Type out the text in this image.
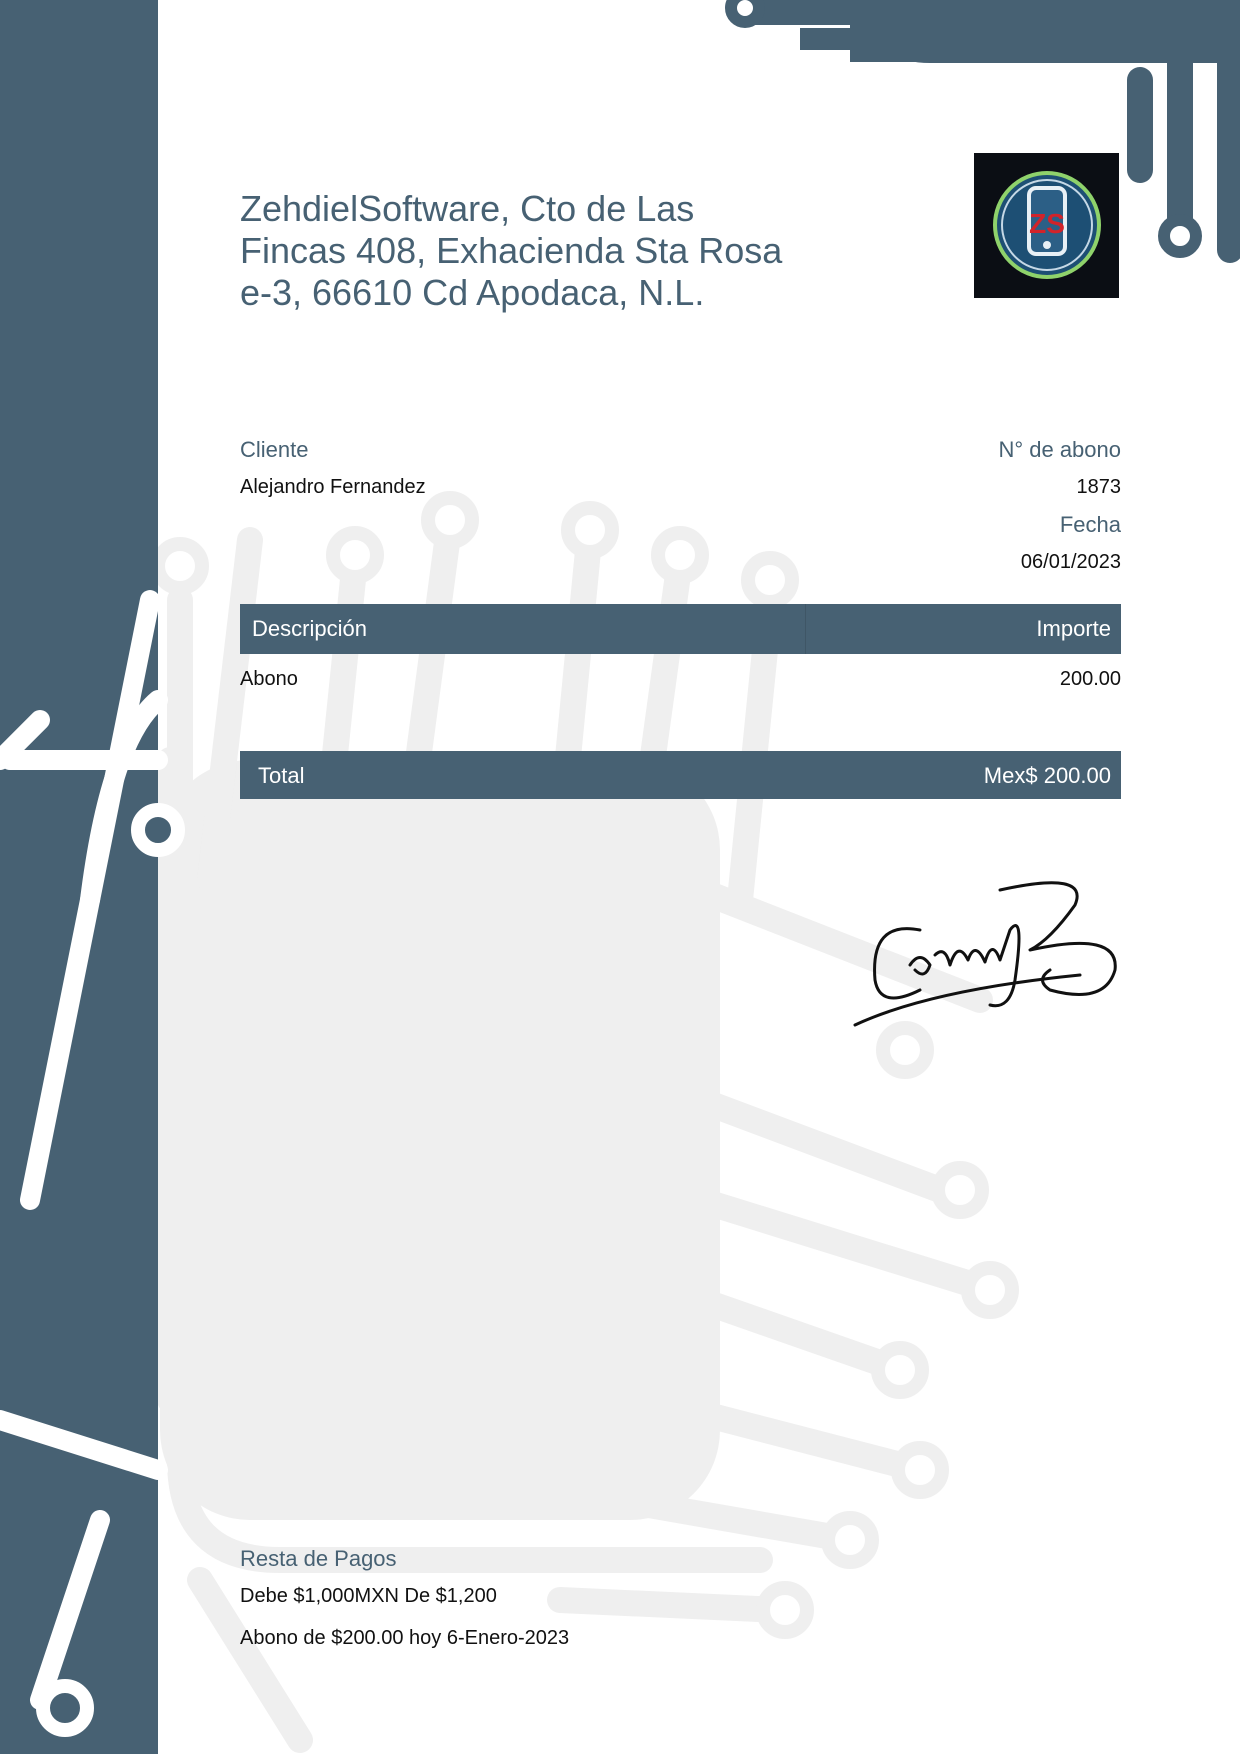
ZehdielSoftware, Cto de Las Fincas 408, Exhacienda Sta Rosa e-3, 66610 Cd Apodaca, N.L.
ZS
Cliente
Alejandro Fernandez
N° de abono
1873
Fecha
06/01/2023
Descripción	Importe
Abono	200.00
Total	Mex$ 200.00
Resta de Pagos
Debe $1,000MXN De $1,200
Abono de $200.00 hoy 6-Enero-2023
